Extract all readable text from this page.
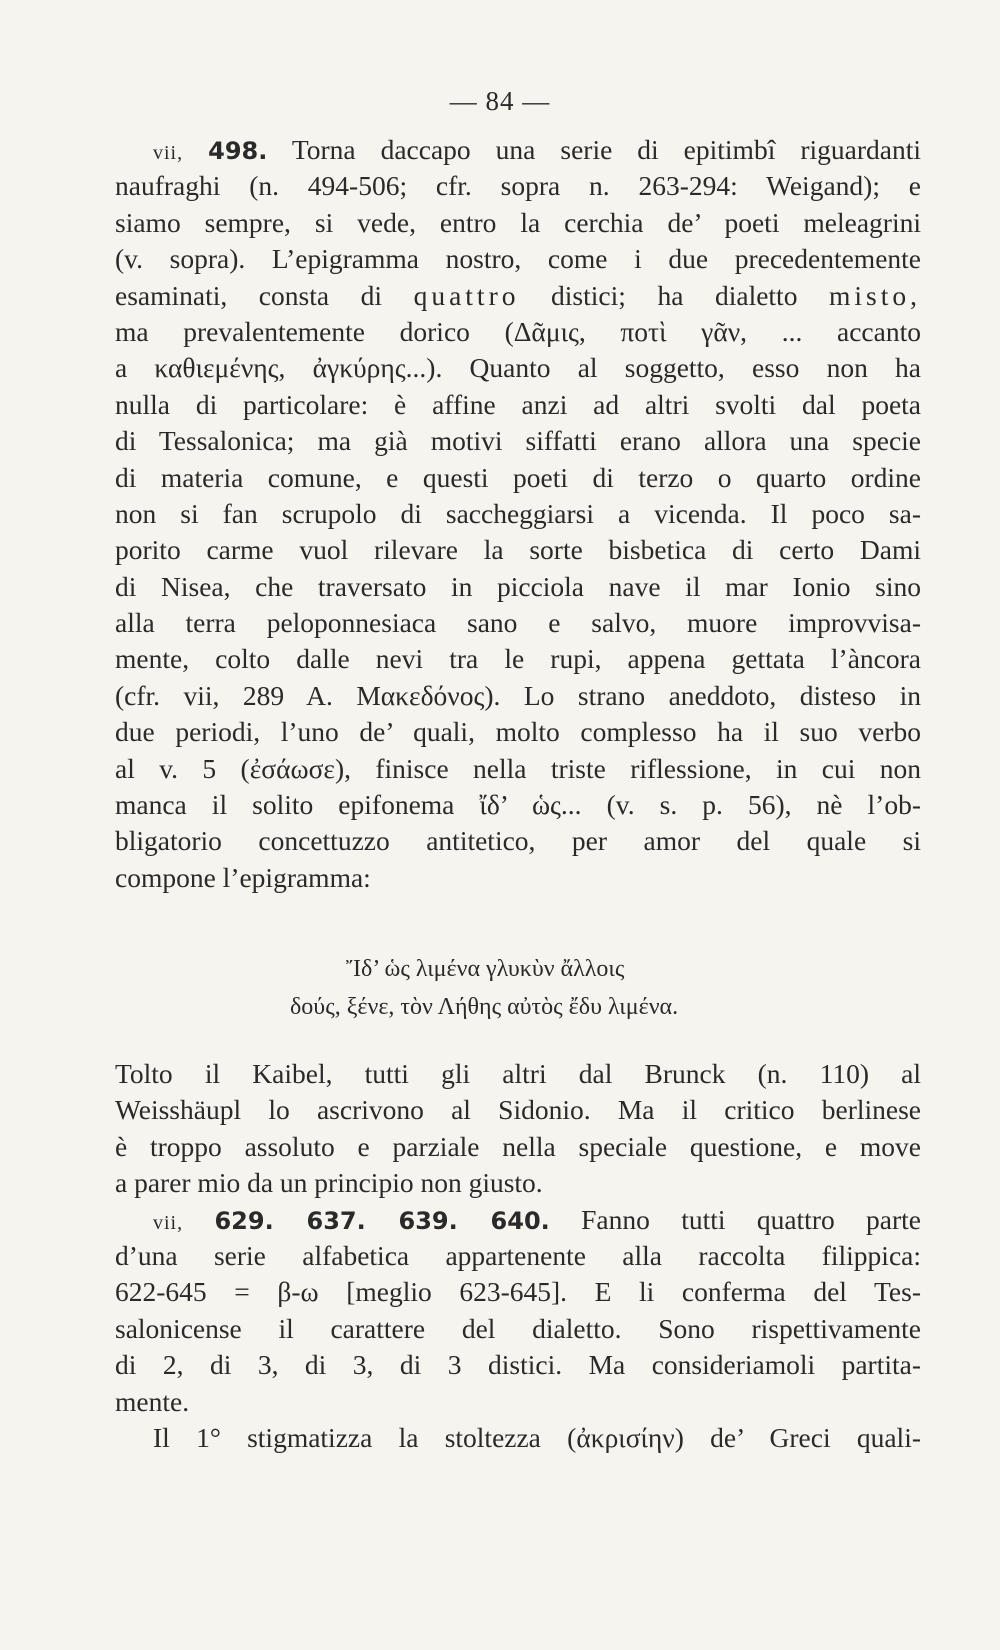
— 84 —
vii, 498. Torna daccapo una serie di epitimbî riguardanti
naufraghi (n. 494-506; cfr. sopra n. 263-294: Weigand); e
siamo sempre, si vede, entro la cerchia de’ poeti meleagrini
(v. sopra). L’epigramma nostro, come i due precedentemente
esaminati, consta di quattro distici; ha dialetto misto,
ma prevalentemente dorico (Δᾶμις, ποτὶ γᾶν, ... accanto
a καθιεμένης, ἀγκύρης...). Quanto al soggetto, esso non ha
nulla di particolare: è affine anzi ad altri svolti dal poeta
di Tessalonica; ma già motivi siffatti erano allora una specie
di materia comune, e questi poeti di terzo o quarto ordine
non si fan scrupolo di saccheggiarsi a vicenda. Il poco sa-
porito carme vuol rilevare la sorte bisbetica di certo Dami
di Nisea, che traversato in picciola nave il mar Ionio sino
alla terra peloponnesiaca sano e salvo, muore improvvisa-
mente, colto dalle nevi tra le rupi, appena gettata l’àncora
(cfr. vii, 289 A. Μακεδόνος). Lo strano aneddoto, disteso in
due periodi, l’uno de’ quali, molto complesso ha il suo verbo
al v. 5 (ἐσάωσε), finisce nella triste riflessione, in cui non
manca il solito epifonema ἴδ’ ὡς... (v. s. p. 56), nè l’ob-
bligatorio concettuzzo antitetico, per amor del quale si
compone l’epigramma:
Ἴδ’ ὡς λιμένα γλυκὺν ἄλλοις
δούς, ξένε, τὸν Λήθης αὐτὸς ἔδυ λιμένα.
Tolto il Kaibel, tutti gli altri dal Brunck (n. 110) al
Weisshäupl lo ascrivono al Sidonio. Ma il critico berlinese
è troppo assoluto e parziale nella speciale questione, e move
a parer mio da un principio non giusto.
vii, 629. 637. 639. 640. Fanno tutti quattro parte
d’una serie alfabetica appartenente alla raccolta filippica:
622-645 = β-ω [meglio 623-645]. E li conferma del Tes-
salonicense il carattere del dialetto. Sono rispettivamente
di 2, di 3, di 3, di 3 distici. Ma consideriamoli partita-
mente.
Il 1° stigmatizza la stoltezza (ἀκρισίην) de’ Greci quali-
